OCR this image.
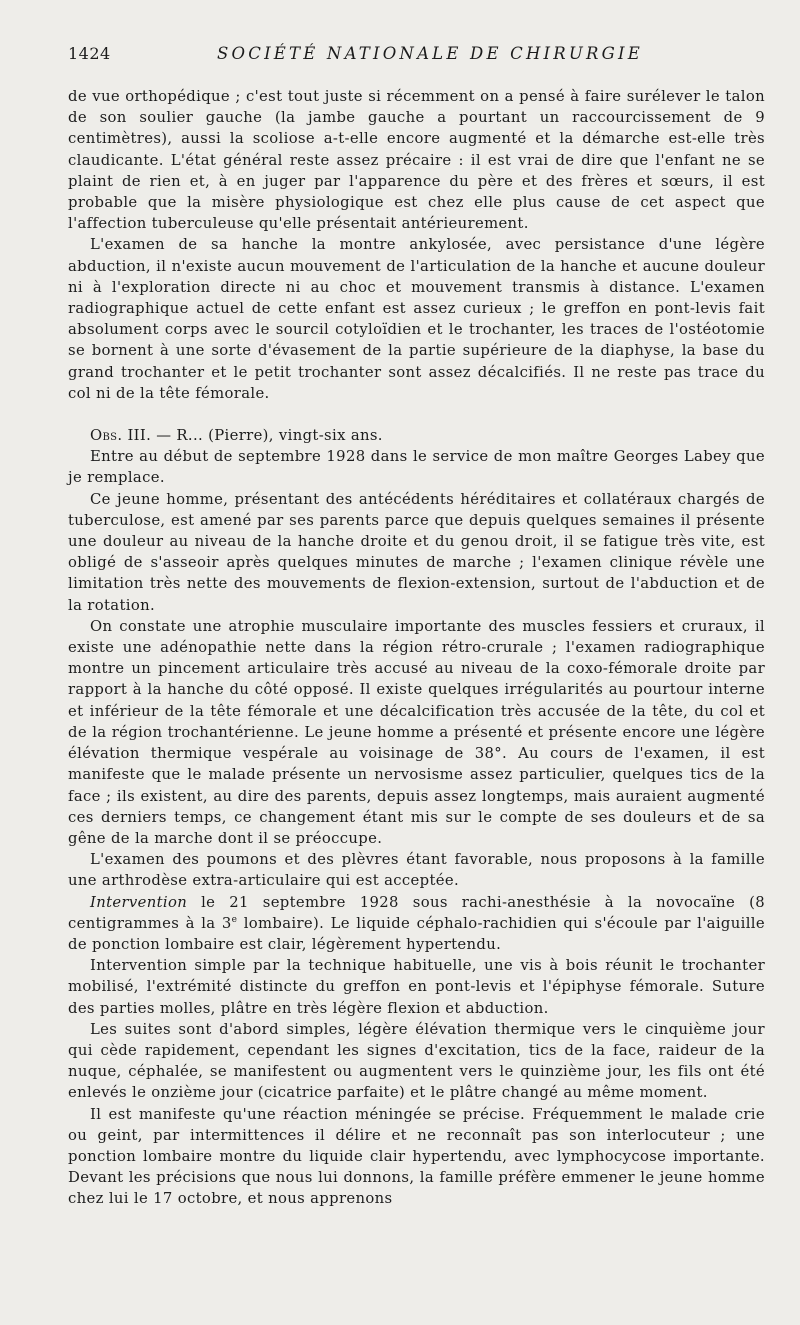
1424	SOCIÉTÉ NATIONALE DE CHIRURGIE

de vue orthopédique ; c'est tout juste si récemment on a pensé à faire surélever le talon de son soulier gauche (la jambe gauche a pourtant un raccourcissement de 9 centimètres), aussi la scoliose a-t-elle encore augmenté et la démarche est-elle très claudicante. L'état général reste assez précaire : il est vrai de dire que l'enfant ne se plaint de rien et, à en juger par l'apparence du père et des frères et sœurs, il est probable que la misère physiologique est chez elle plus cause de cet aspect que l'affection tuberculeuse qu'elle présentait antérieurement.

L'examen de sa hanche la montre ankylosée, avec persistance d'une légère abduction, il n'existe aucun mouvement de l'articulation de la hanche et aucune douleur ni à l'exploration directe ni au choc et mouvement transmis à distance. L'examen radiographique actuel de cette enfant est assez curieux ; le greffon en pont-levis fait absolument corps avec le sourcil cotyloïdien et le trochanter, les traces de l'ostéotomie se bornent à une sorte d'évasement de la partie supérieure de la diaphyse, la base du grand trochanter et le petit trochanter sont assez décalcifiés. Il ne reste pas trace du col ni de la tête fémorale.

Obs. III. — R... (Pierre), vingt-six ans.

Entre au début de septembre 1928 dans le service de mon maître Georges Labey que je remplace.

Ce jeune homme, présentant des antécédents héréditaires et collatéraux chargés de tuberculose, est amené par ses parents parce que depuis quelques semaines il présente une douleur au niveau de la hanche droite et du genou droit, il se fatigue très vite, est obligé de s'asseoir après quelques minutes de marche ; l'examen clinique révèle une limitation très nette des mouvements de flexion-extension, surtout de l'abduction et de la rotation.

On constate une atrophie musculaire importante des muscles fessiers et cruraux, il existe une adénopathie nette dans la région rétro-crurale ; l'examen radiographique montre un pincement articulaire très accusé au niveau de la coxo-fémorale droite par rapport à la hanche du côté opposé. Il existe quelques irrégularités au pourtour interne et inférieur de la tête fémorale et une décalcification très accusée de la tête, du col et de la région trochantérienne. Le jeune homme a présenté et présente encore une légère élévation thermique vespérale au voisinage de 38°. Au cours de l'examen, il est manifeste que le malade présente un nervosisme assez particulier, quelques tics de la face ; ils existent, au dire des parents, depuis assez longtemps, mais auraient augmenté ces derniers temps, ce changement étant mis sur le compte de ses douleurs et de sa gêne de la marche dont il se préoccupe.

L'examen des poumons et des plèvres étant favorable, nous proposons à la famille une arthrodèse extra-articulaire qui est acceptée.

Intervention le 21 septembre 1928 sous rachi-anesthésie à la novocaïne (8 centigrammes à la 3e lombaire). Le liquide céphalo-rachidien qui s'écoule par l'aiguille de ponction lombaire est clair, légèrement hypertendu.

Intervention simple par la technique habituelle, une vis à bois réunit le trochanter mobilisé, l'extrémité distincte du greffon en pont-levis et l'épiphyse fémorale. Suture des parties molles, plâtre en très légère flexion et abduction.

Les suites sont d'abord simples, légère élévation thermique vers le cinquième jour qui cède rapidement, cependant les signes d'excitation, tics de la face, raideur de la nuque, céphalée, se manifestent ou augmentent vers le quinzième jour, les fils ont été enlevés le onzième jour (cicatrice parfaite) et le plâtre changé au même moment.

Il est manifeste qu'une réaction méningée se précise. Fréquemment le malade crie ou geint, par intermittences il délire et ne reconnaît pas son interlocuteur ; une ponction lombaire montre du liquide clair hypertendu, avec lymphocycose importante. Devant les précisions que nous lui donnons, la famille préfère emmener le jeune homme chez lui le 17 octobre, et nous apprenons
